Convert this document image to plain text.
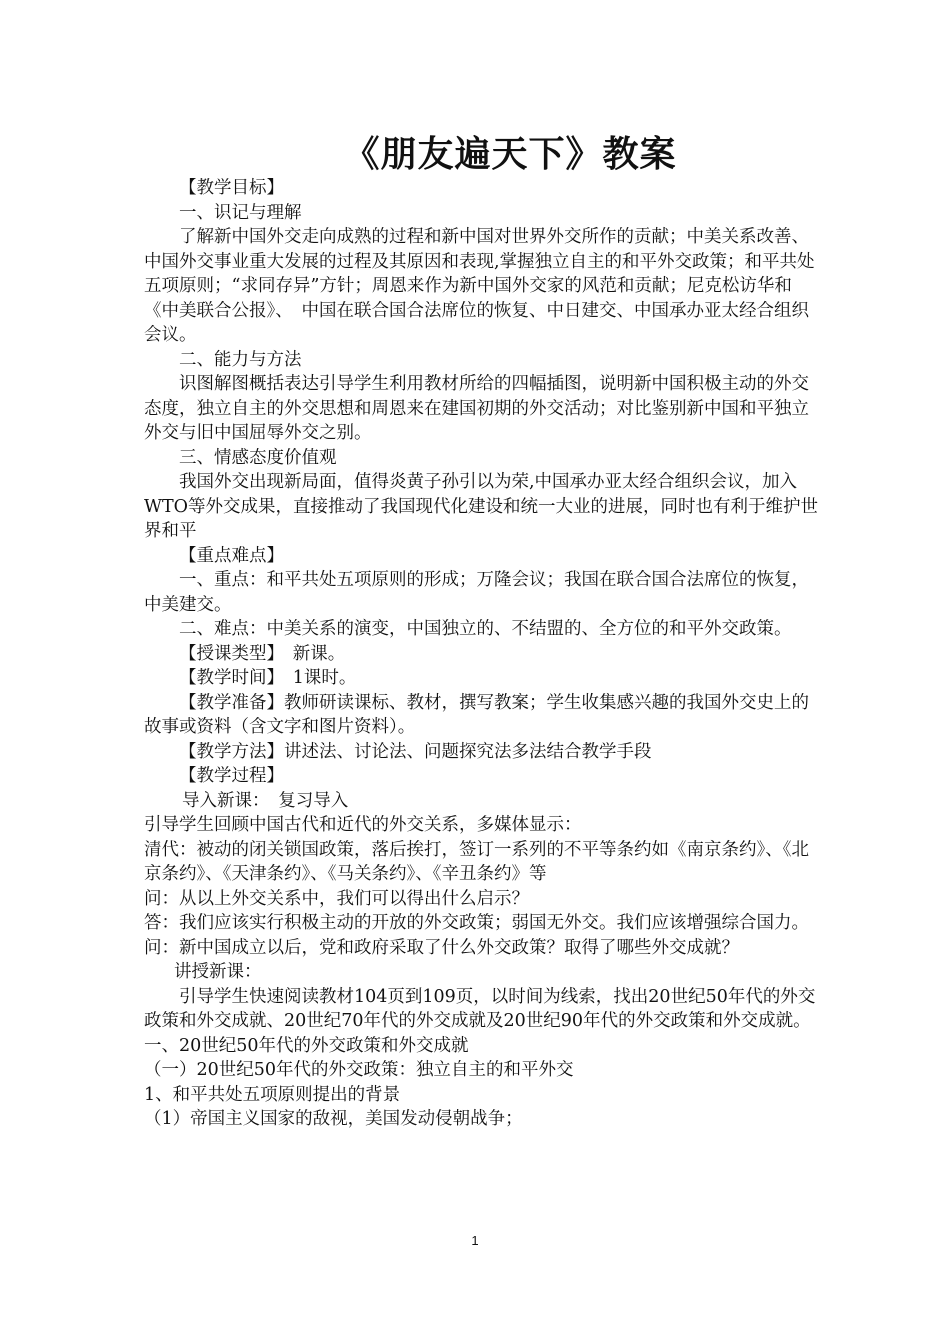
《朋友遍天下》教案

【教学目标】

一、识记与理解

了解新中国外交走向成熟的过程和新中国对世界外交所作的贡献；中美关系改善、中国外交事业重大发展的过程及其原因和表现,掌握独立自主的和平外交政策；和平共处五项原则；“求同存异”方针；周恩来作为新中国外交家的风范和贡献；尼克松访华和《中美联合公报》、　中国在联合国合法席位的恢复、中日建交、中国承办亚太经合组织会议。

二、能力与方法

识图解图概括表达引导学生利用教材所给的四幅插图，说明新中国积极主动的外交态度，独立自主的外交思想和周恩来在建国初期的外交活动；对比鉴别新中国和平独立外交与旧中国屈辱外交之别。

三、情感态度价值观

我国外交出现新局面，值得炎黄子孙引以为荣,中国承办亚太经合组织会议，加入WTO等外交成果，直接推动了我国现代化建设和统一大业的进展，同时也有利于维护世界和平

【重点难点】

一、重点：和平共处五项原则的形成；万隆会议；我国在联合国合法席位的恢复，中美建交。

二、难点：中美关系的演变，中国独立的、不结盟的、全方位的和平外交政策。

【授课类型】　新课。

【教学时间】　1课时。

【教学准备】教师研读课标、教材，撰写教案；学生收集感兴趣的我国外交史上的故事或资料（含文字和图片资料）。

【教学方法】讲述法、讨论法、问题探究法多法结合教学手段

【教学过程】

导入新课：　复习导入

引导学生回顾中国古代和近代的外交关系，多媒体显示：

清代：被动的闭关锁国政策，落后挨打，签订一系列的不平等条约如《南京条约》、《北京条约》、《天津条约》、《马关条约》、《辛丑条约》等

问：从以上外交关系中，我们可以得出什么启示？

答：我们应该实行积极主动的开放的外交政策；弱国无外交。我们应该增强综合国力。

问：新中国成立以后，党和政府采取了什么外交政策？取得了哪些外交成就？

讲授新课：

引导学生快速阅读教材104页到109页，以时间为线索，找出20世纪50年代的外交政策和外交成就、20世纪70年代的外交成就及20世纪90年代的外交政策和外交成就。

一、20世纪50年代的外交政策和外交成就

（一）20世纪50年代的外交政策：独立自主的和平外交

1、和平共处五项原则提出的背景

（1）帝国主义国家的敌视，美国发动侵朝战争；

1
